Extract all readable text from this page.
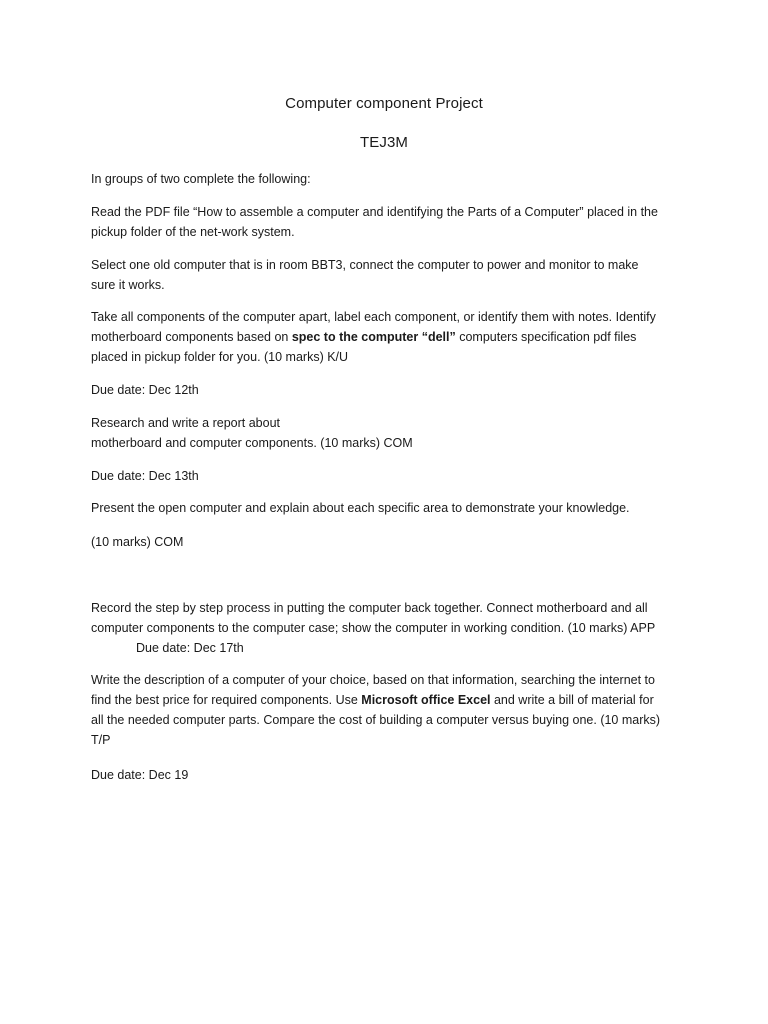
Computer component Project
TEJ3M
In groups of two complete the following:
Read the PDF file “How to assemble a computer and identifying the Parts of a Computer” placed in the
pickup folder of the net-work system.
Select one old computer that is in room BBT3, connect the computer to power and monitor to make
sure it works.
Take all components of the computer apart, label each component, or identify them with notes. Identify
motherboard components based on spec to the computer “dell” computers specification pdf files
placed in pickup folder for you. (10 marks) K/U
Due date: Dec 12th
Research and write a report about
motherboard and computer components. (10 marks) COM
Due date: Dec 13th
Present the open computer and explain about each specific area to demonstrate your knowledge.
(10 marks) COM
Record the step by step process in putting the computer back together. Connect motherboard and all
computer components to the computer case; show the computer in working condition. (10 marks) APP
Due date: Dec 17th
Write the description of a computer of your choice, based on that information, searching the internet to
find the best price for required components. Use Microsoft office Excel and write a bill of material for
all the needed computer parts. Compare the cost of building a computer versus buying one. (10 marks)
T/P
Due date: Dec 19
